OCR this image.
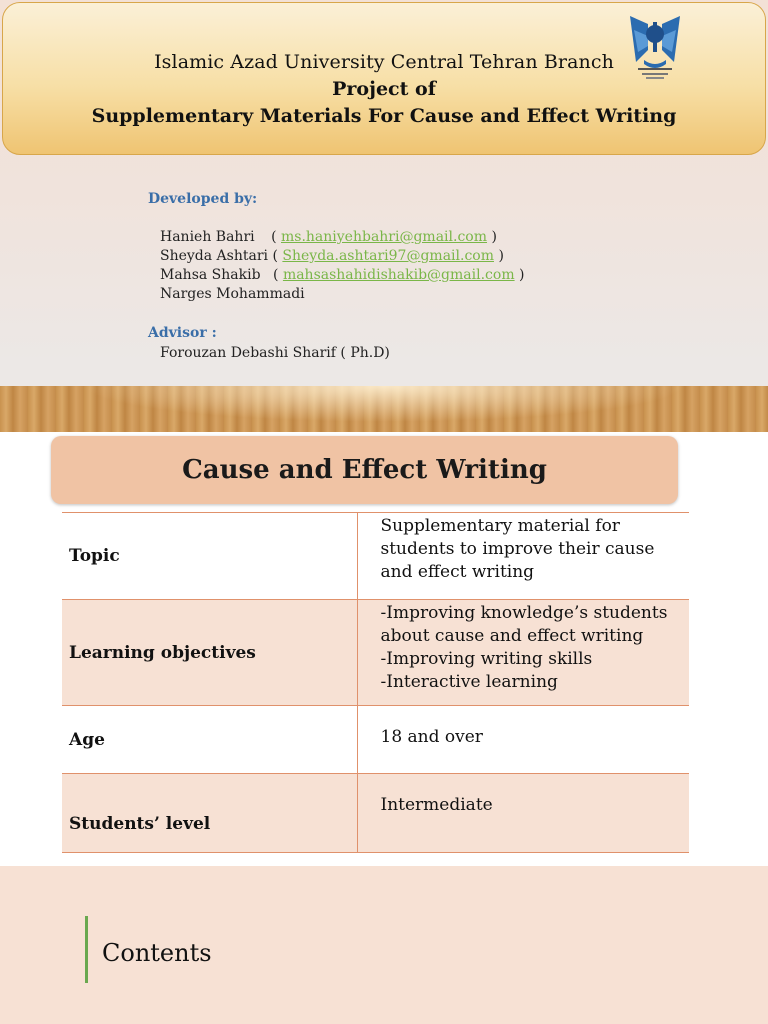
Islamic Azad University Central Tehran Branch
Project of
Supplementary Materials For Cause and Effect Writing
Developed by:
Hanieh Bahri ( ms.haniyehbahri@gmail.com )
Sheyda Ashtari ( Sheyda.ashtari97@gmail.com )
Mahsa Shakib ( mahsashahidishakib@gmail.com )
Narges Mohammadi
Advisor :
Forouzan Debashi Sharif ( Ph.D)
Cause and Effect Writing
Topic	Supplementary material for
students to improve their cause
and effect writing

Learning objectives	-Improving knowledge’s students
about cause and effect writing
-Improving writing skills
-Interactive learning

Age	18 and over

Students’ level	Intermediate
Contents
